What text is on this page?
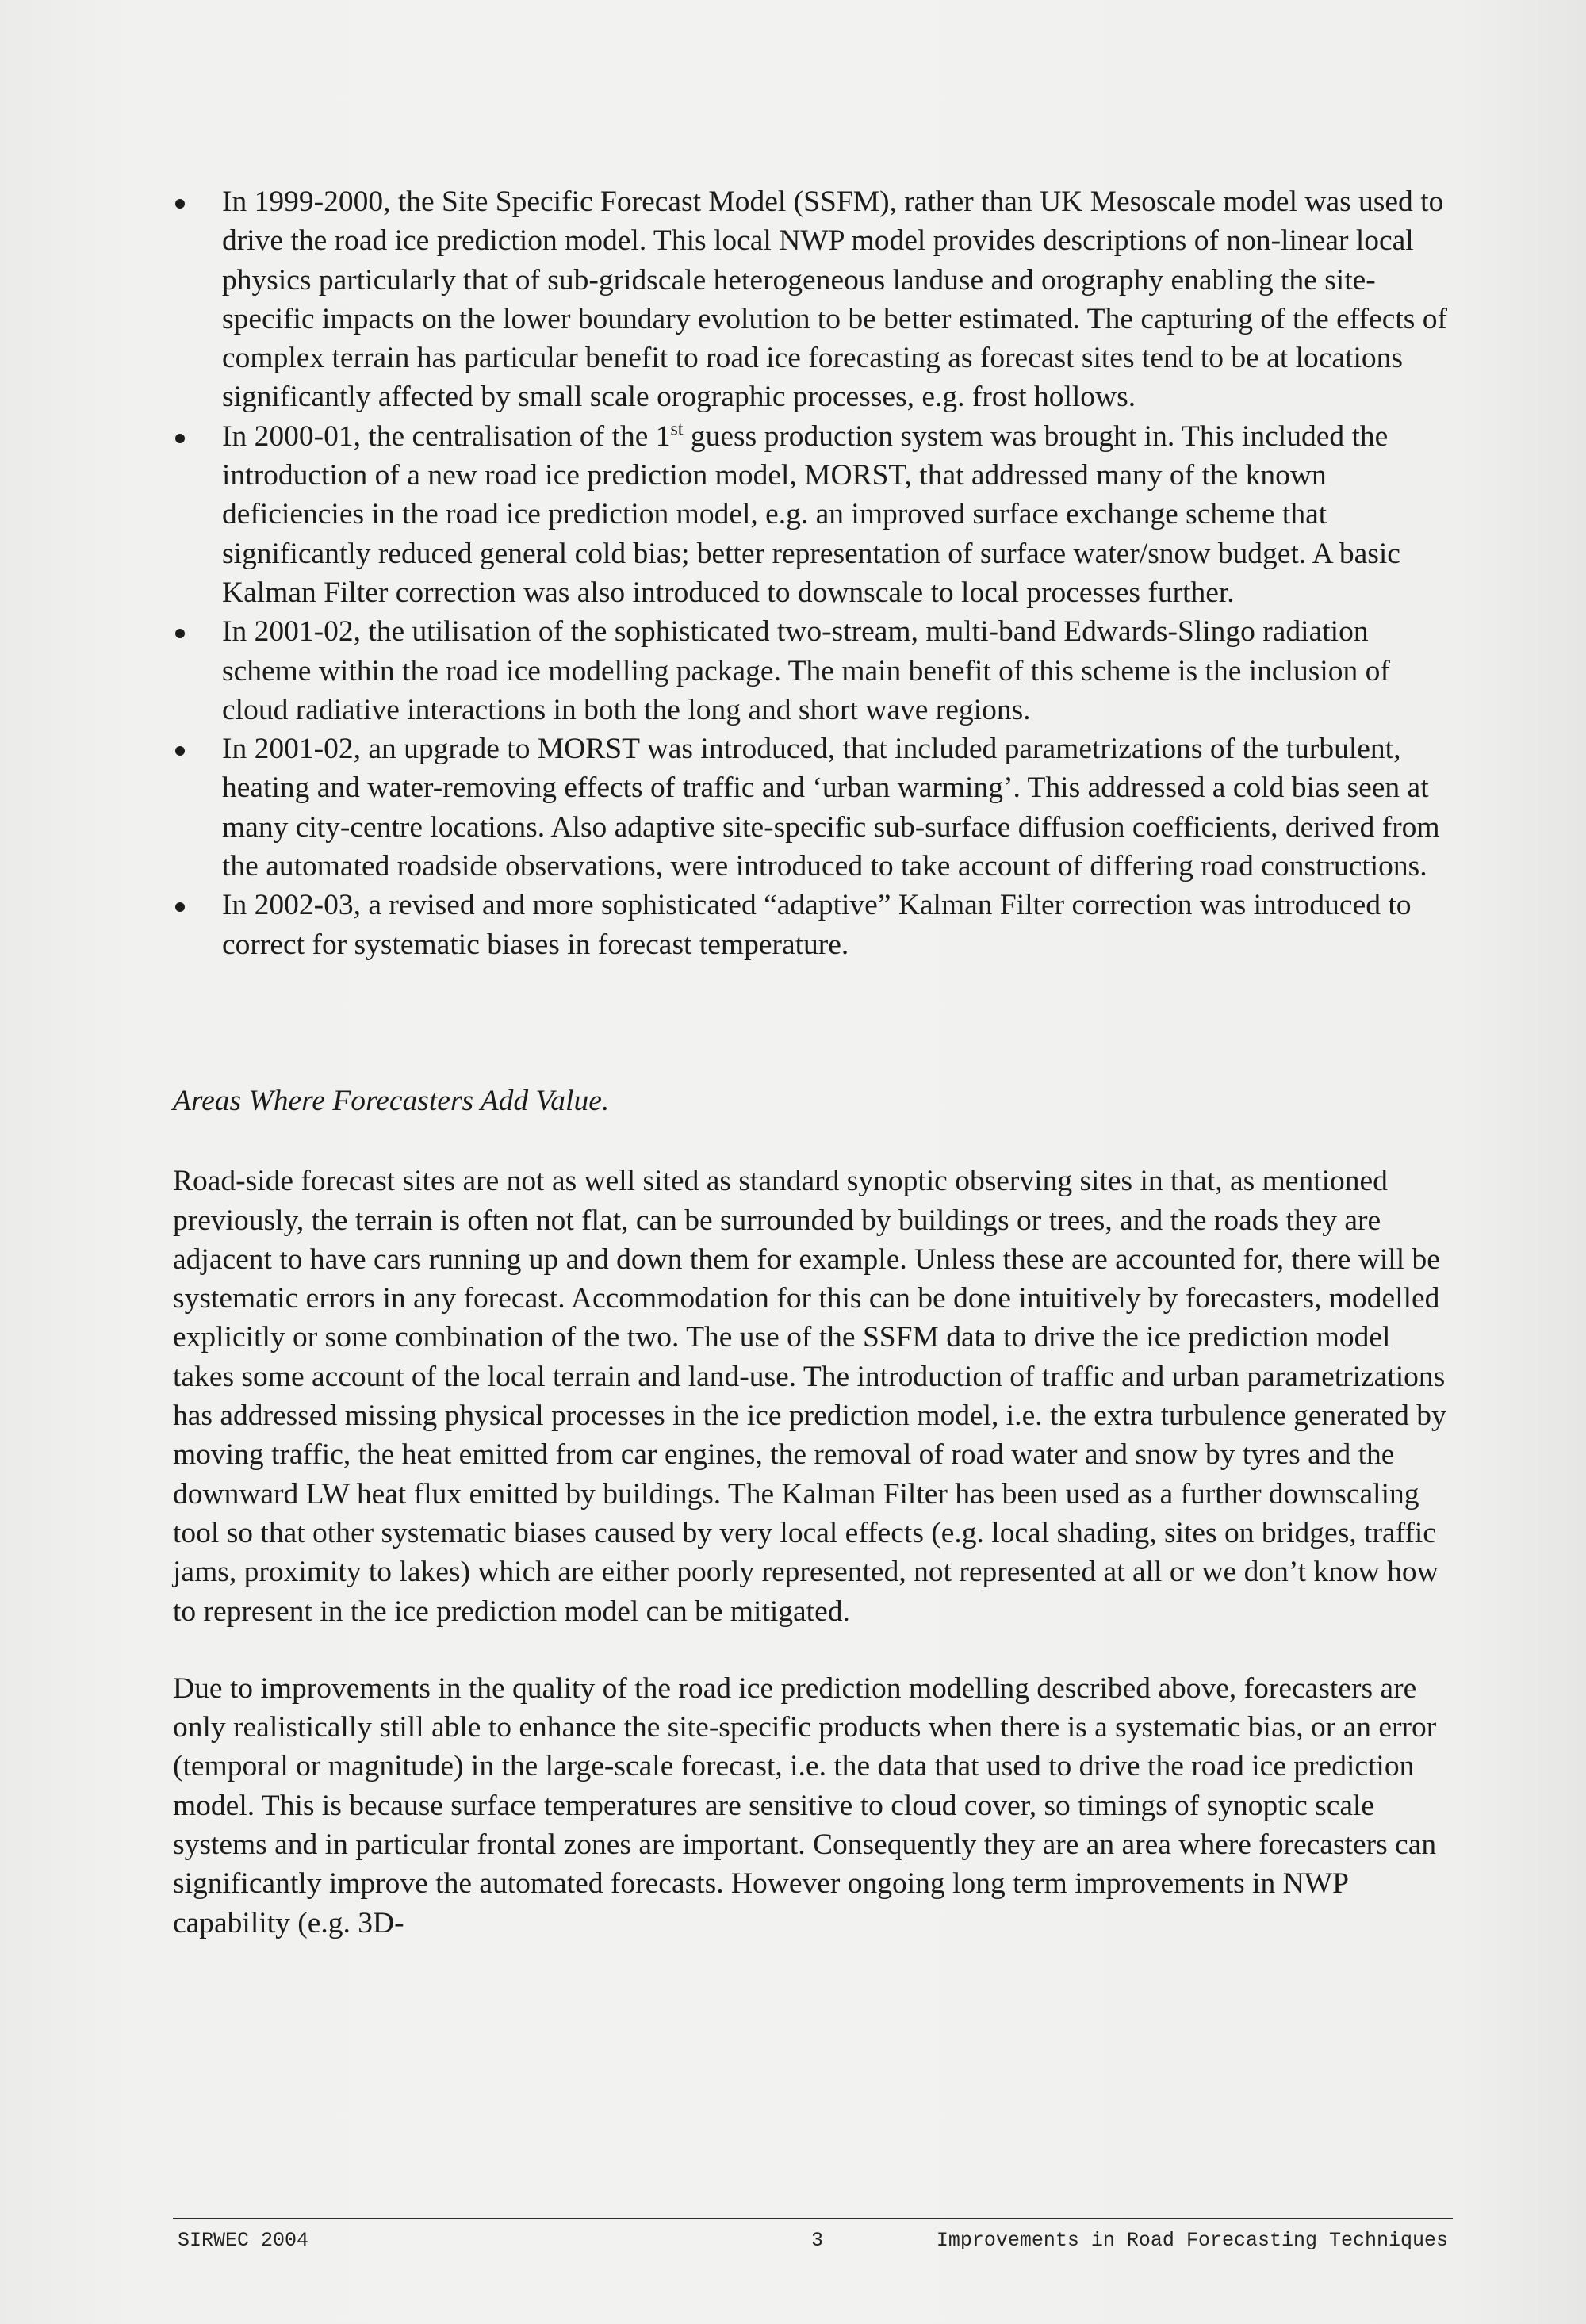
In 1999-2000, the Site Specific Forecast Model (SSFM), rather than UK Mesoscale model was used to drive the road ice prediction model. This local NWP model provides descriptions of non-linear local physics particularly that of sub-gridscale heterogeneous landuse and orography enabling the site-specific impacts on the lower boundary evolution to be better estimated. The capturing of the effects of complex terrain has particular benefit to road ice forecasting as forecast sites tend to be at locations significantly affected by small scale orographic processes, e.g. frost hollows.
In 2000-01, the centralisation of the 1st guess production system was brought in. This included the introduction of a new road ice prediction model, MORST, that addressed many of the known deficiencies in the road ice prediction model, e.g. an improved surface exchange scheme that significantly reduced general cold bias; better representation of surface water/snow budget. A basic Kalman Filter correction was also introduced to downscale to local processes further.
In 2001-02, the utilisation of the sophisticated two-stream, multi-band Edwards-Slingo radiation scheme within the road ice modelling package. The main benefit of this scheme is the inclusion of cloud radiative interactions in both the long and short wave regions.
In 2001-02, an upgrade to MORST was introduced, that included parametrizations of the turbulent, heating and water-removing effects of traffic and ‘urban warming’. This addressed a cold bias seen at many city-centre locations. Also adaptive site-specific sub-surface diffusion coefficients, derived from the automated roadside observations, were introduced to take account of differing road constructions.
In 2002-03, a revised and more sophisticated “adaptive” Kalman Filter correction was introduced to correct for systematic biases in forecast temperature.
Areas Where Forecasters Add Value.

Road-side forecast sites are not as well sited as standard synoptic observing sites in that, as mentioned previously, the terrain is often not flat, can be surrounded by buildings or trees, and the roads they are adjacent to have cars running up and down them for example. Unless these are accounted for, there will be systematic errors in any forecast. Accommodation for this can be done intuitively by forecasters, modelled explicitly or some combination of the two. The use of the SSFM data to drive the ice prediction model takes some account of the local terrain and land-use. The introduction of traffic and urban parametrizations has addressed missing physical processes in the ice prediction model, i.e. the extra turbulence generated by moving traffic, the heat emitted from car engines, the removal of road water and snow by tyres and the downward LW heat flux emitted by buildings. The Kalman Filter has been used as a further downscaling tool so that other systematic biases caused by very local effects (e.g. local shading, sites on bridges, traffic jams, proximity to lakes) which are either poorly represented, not represented at all or we don’t know how to represent in the ice prediction model can be mitigated.

Due to improvements in the quality of the road ice prediction modelling described above, forecasters are only realistically still able to enhance the site-specific products when there is a systematic bias, or an error (temporal or magnitude) in the large-scale forecast, i.e. the data that used to drive the road ice prediction model. This is because surface temperatures are sensitive to cloud cover, so timings of synoptic scale systems and in particular frontal zones are important. Consequently they are an area where forecasters can significantly improve the automated forecasts. However ongoing long term improvements in NWP capability (e.g. 3D-

SIRWEC 2004	3	Improvements in Road Forecasting Techniques
